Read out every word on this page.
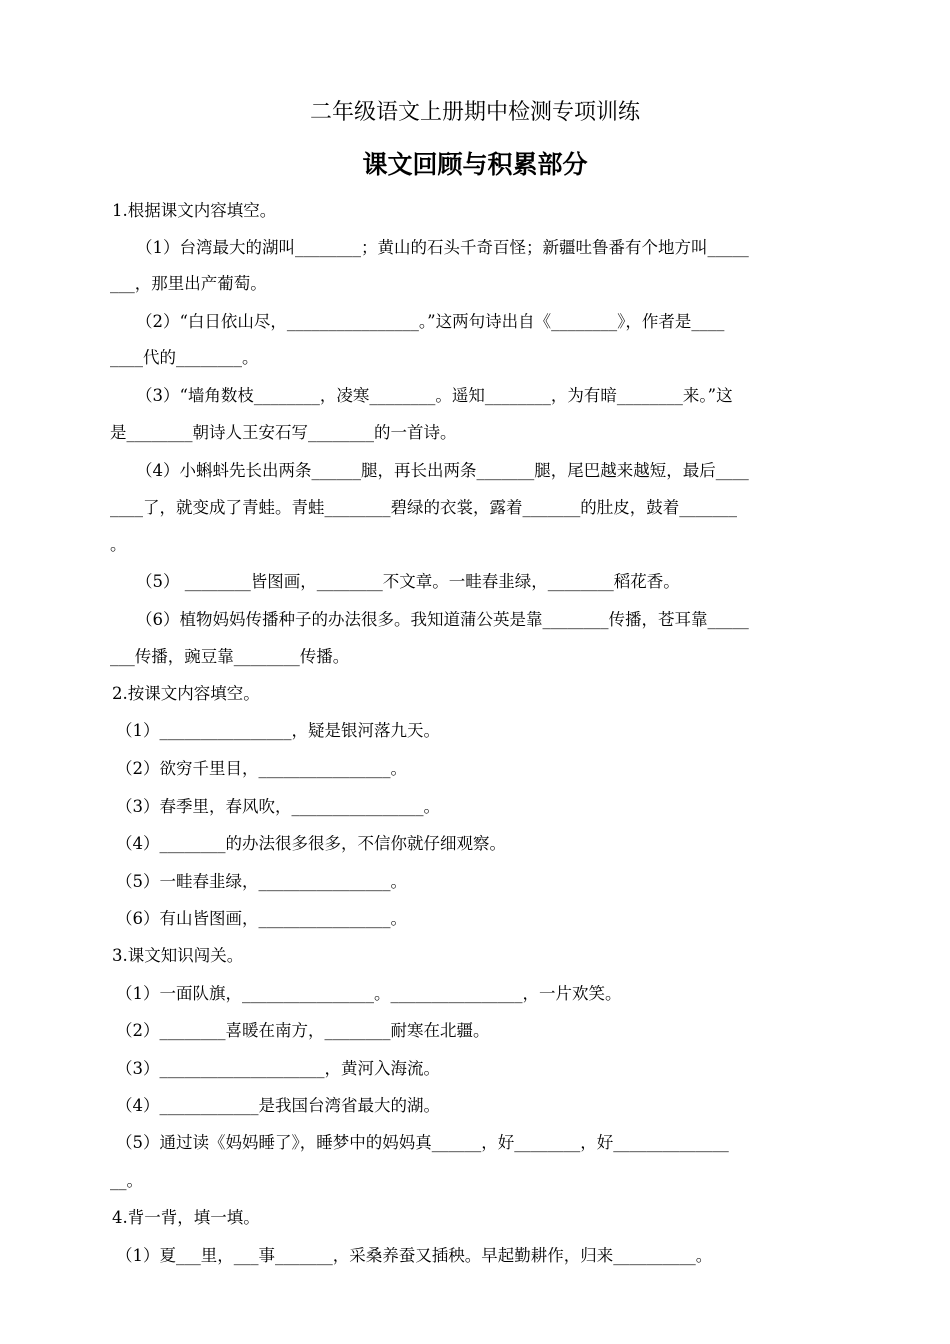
二年级语文上册期中检测专项训练
课文回顾与积累部分
1.根据课文内容填空。
（1）台湾最大的湖叫________；黄山的石头千奇百怪；新疆吐鲁番有个地方叫_____
___，那里出产葡萄。
（2）“白日依山尽，________________。”这两句诗出自《________》，作者是____
____代的________。
（3）“墙角数枝________，凌寒________。遥知________，为有暗________来。”这
是________朝诗人王安石写________的一首诗。
（4）小蝌蚪先长出两条______腿，再长出两条_______腿，尾巴越来越短，最后____
____了，就变成了青蛙。青蛙________碧绿的衣裳，露着_______的肚皮，鼓着_______
。
（5） ________皆图画，________不文章。一畦春韭绿，________稻花香。
（6）植物妈妈传播种子的办法很多。我知道蒲公英是靠________传播，苍耳靠_____
___传播，豌豆靠________传播。
2.按课文内容填空。
（1）________________，疑是银河落九天。
（2）欲穷千里目，________________。
（3）春季里，春风吹，________________。
（4）________的办法很多很多，不信你就仔细观察。
（5）一畦春韭绿，________________。
（6）有山皆图画，________________。
3.课文知识闯关。
（1）一面队旗，________________。________________，一片欢笑。
（2）________喜暖在南方，________耐寒在北疆。
（3）____________________，黄河入海流。
（4）____________是我国台湾省最大的湖。
（5）通过读《妈妈睡了》，睡梦中的妈妈真______，好________，好______________
__。
4.背一背，填一填。
（1）夏___里，___事_______，采桑养蚕又插秧。早起勤耕作，归来__________。
